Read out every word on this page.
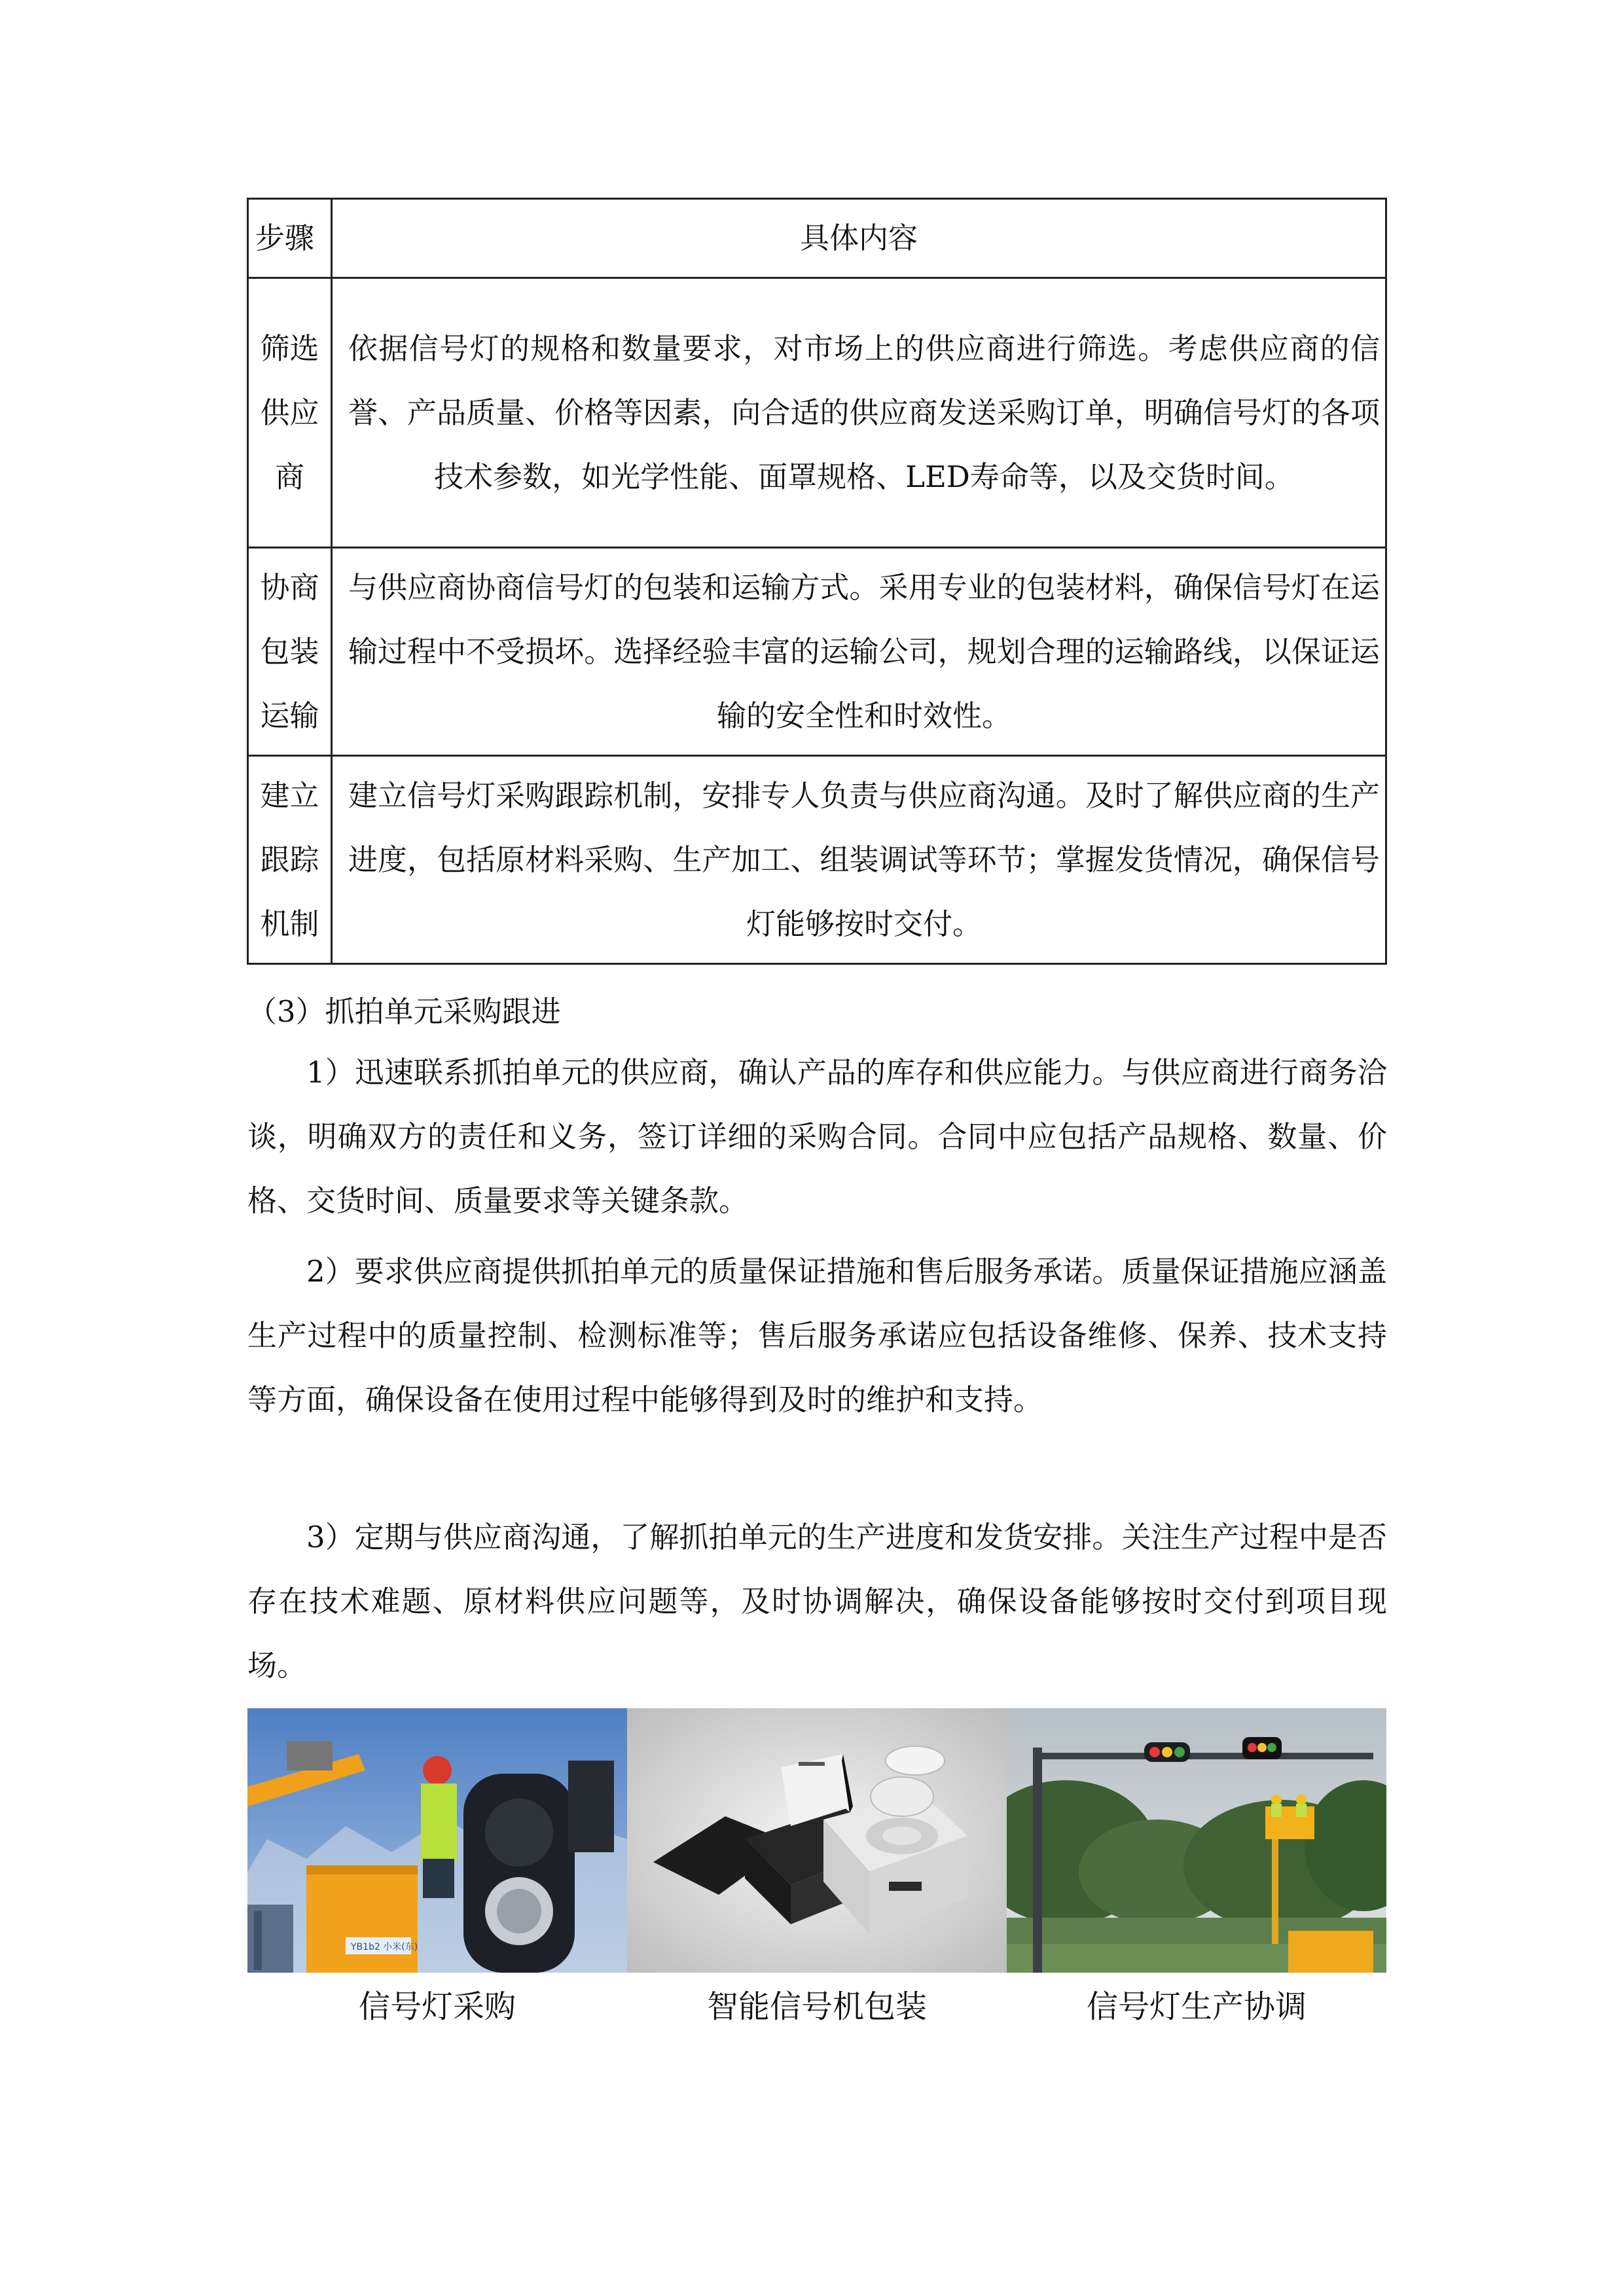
步骤	具体内容
筛选供应商	依据信号灯的规格和数量要求，对市场上的供应商进行筛选。考虑供应商的信誉、产品质量、价格等因素，向合适的供应商发送采购订单，明确信号灯的各项技术参数，如光学性能、面罩规格、LED寿命等，以及交货时间。

协商包装运输	与供应商协商信号灯的包装和运输方式。采用专业的包装材料，确保信号灯在运输过程中不受损坏。选择经验丰富的运输公司，规划合理的运输路线，以保证运输的安全性和时效性。

建立跟踪机制	建立信号灯采购跟踪机制，安排专人负责与供应商沟通。及时了解供应商的生产进度，包括原材料采购、生产加工、组装调试等环节；掌握发货情况，确保信号灯能够按时交付。

（3）抓拍单元采购跟进

1）迅速联系抓拍单元的供应商，确认产品的库存和供应能力。与供应商进行商务洽谈，明确双方的责任和义务，签订详细的采购合同。合同中应包括产品规格、数量、价格、交货时间、质量要求等关键条款。

2）要求供应商提供抓拍单元的质量保证措施和售后服务承诺。质量保证措施应涵盖生产过程中的质量控制、检测标准等；售后服务承诺应包括设备维修、保养、技术支持等方面，确保设备在使用过程中能够得到及时的维护和支持。

3）定期与供应商沟通，了解抓拍单元的生产进度和发货安排。关注生产过程中是否存在技术难题、原材料供应问题等，及时协调解决，确保设备能够按时交付到项目现场。

YB1b2 小米(东)
信号灯采购	智能信号机包装	信号灯生产协调
